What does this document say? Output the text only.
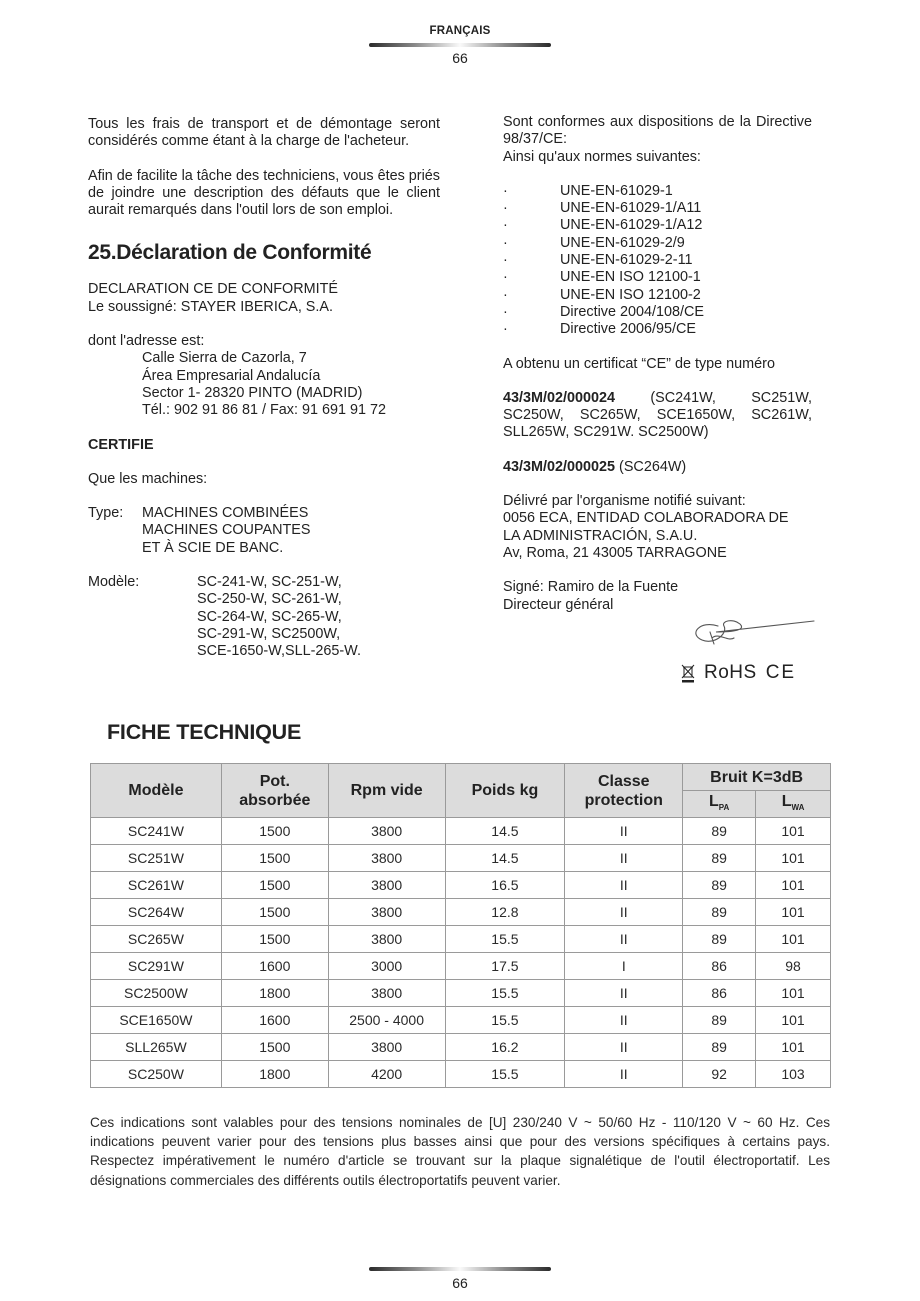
FRANÇAIS
66

Tous les frais de transport et de démontage seront considérés comme étant à la charge de l'acheteur.

Afin de facilite la tâche des techniciens, vous êtes priés de joindre une description des défauts que le client aurait remarqués dans l'outil lors de son emploi.

25.Déclaration de Conformité

DECLARATION CE DE CONFORMITÉ

Le soussigné: STAYER IBERICA, S.A.

dont l'adresse est:

Calle Sierra de Cazorla, 7

Área Empresarial Andalucía

Sector 1- 28320 PINTO (MADRID)

Tél.: 902 91 86 81 / Fax: 91 691 91 72

CERTIFIE

Que les machines:

Type:	MACHINES COMBINÉES

MACHINES COUPANTES

ET À SCIE DE BANC.

Modèle:	SC-241-W, SC-251-W,

SC-250-W, SC-261-W,

SC-264-W, SC-265-W,

SC-291-W, SC2500W,

SCE-1650-W,SLL-265-W.

Sont conformes aux dispositions de la Directive 98/37/CE:

Ainsi qu'aux normes suivantes:

·	UNE-EN-61029-1
·	UNE-EN-61029-1/A11
·	UNE-EN-61029-1/A12
·	UNE-EN-61029-2/9
·	UNE-EN-61029-2-11
·	UNE-EN ISO 12100-1
·	UNE-EN ISO 12100-2
·	Directive 2004/108/CE
·	Directive 2006/95/CE

A obtenu un certificat “CE” de type numéro

43/3M/02/000024 (SC241W, SC251W, SC250W, SC265W, SCE1650W, SC261W, SLL265W, SC291W. SC2500W)

43/3M/02/000025 (SC264W)

Délivré par l'organisme notifié suivant:

0056 ECA, ENTIDAD COLABORADORA DE

LA ADMINISTRACIÓN, S.A.U.

Av, Roma, 21 43005 TARRAGONE

Signé: Ramiro de la Fuente

Directeur général

RoHS CE
FICHE TECHNIQUE
Modèle	Pot.
absorbée	Rpm vide	Poids kg	Classe
protection	Bruit K=3dB	
					$L_{PA}$	$L_{WA}$
SC241W	1500	3800	14.5	II	89	101
SC251W	1500	3800	14.5	II	89	101
SC261W	1500	3800	16.5	II	89	101
SC264W	1500	3800	12.8	II	89	101
SC265W	1500	3800	15.5	II	89	101
SC291W	1600	3000	17.5	I	86	98
SC2500W	1800	3800	15.5	II	86	101
SCE1650W	1600	2500 - 4000	15.5	II	89	101
SLL265W	1500	3800	16.2	II	89	101
SC250W	1800	4200	15.5	II	92	103

Ces indications sont valables pour des tensions nominales de [U] 230/240 V ~ 50/60 Hz - 110/120 V ~ 60 Hz. Ces indications peuvent varier pour des tensions plus basses ainsi que pour des versions spécifiques à certains pays. Respectez impérativement le numéro d'article se trouvant sur la plaque signalétique de l'outil électroportatif. Les désignations commerciales des différents outils électroportatifs peuvent varier.

66
